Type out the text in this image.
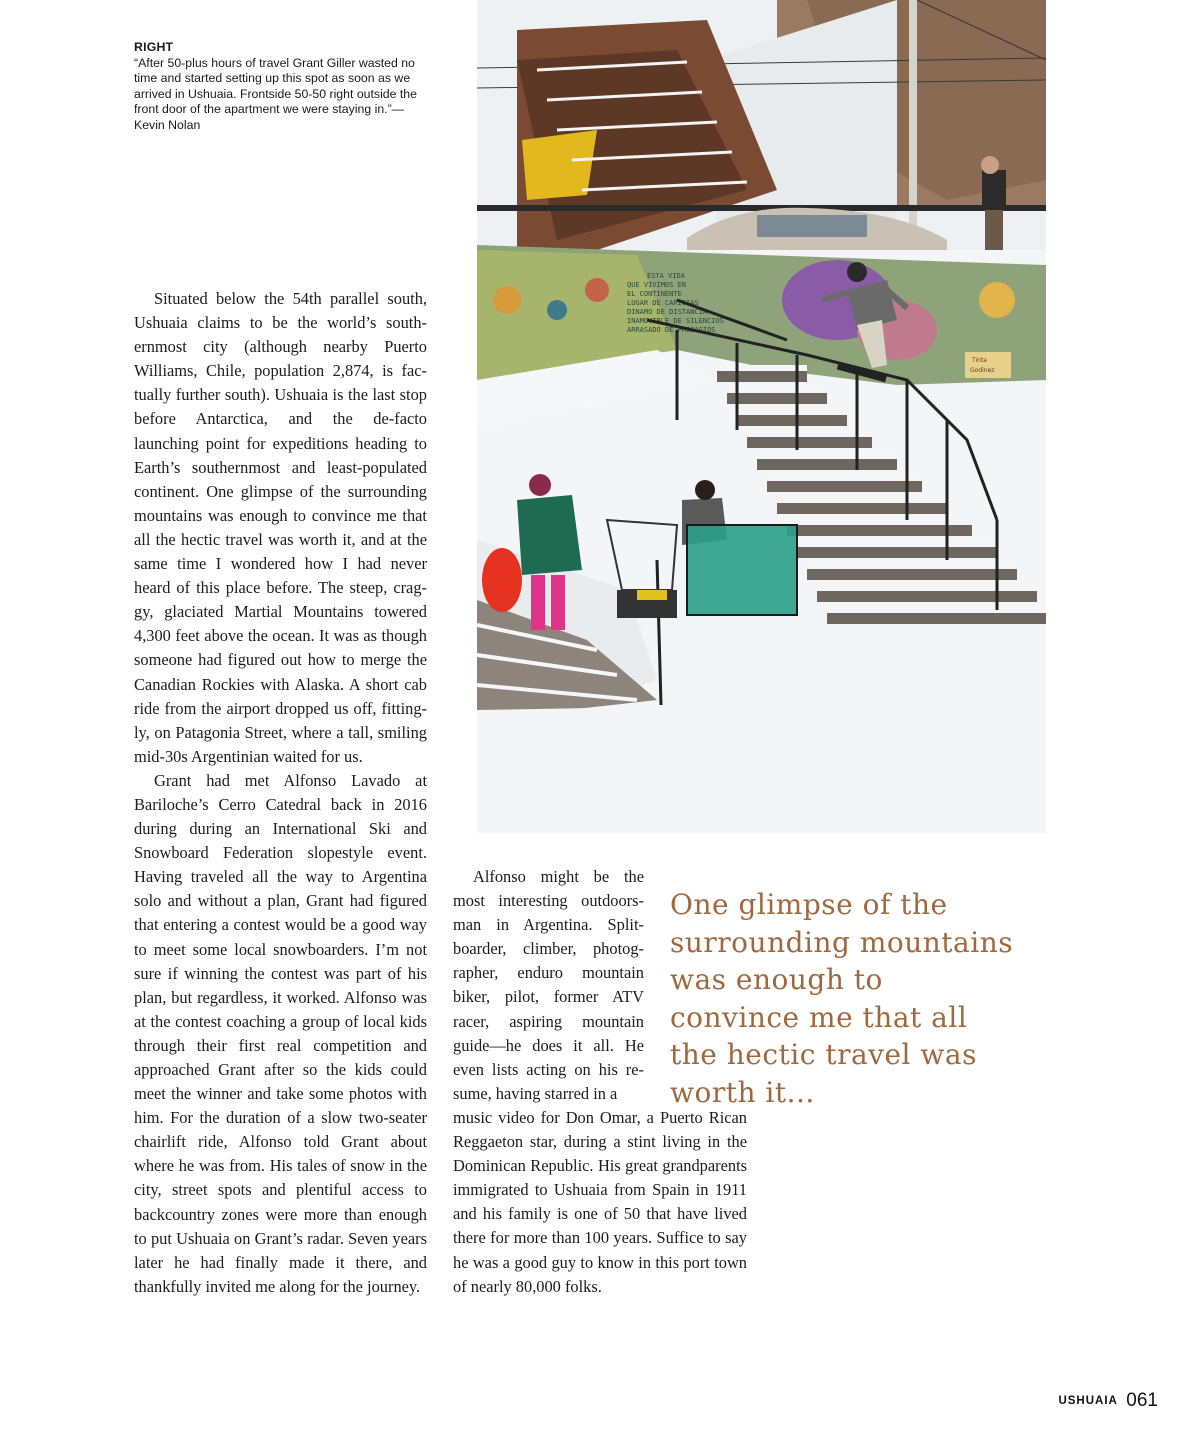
RIGHT
“After 50-plus hours of travel Grant Giller wasted no time and started setting up this spot as soon as we arrived in Ushuaia. Frontside 50-50 right outside the front door of the apartment we were staying in.”—Kevin Nolan
ESTA VIDA QUE VIVIMOS EN EL CONTINENTE LUGAR DE CARICIAS DINAMO DE DISTANCIA INAMOVIBLE DE SILENCIOS ARRASADO DE PRESAGIOS
Tinta Godinez

Situated below the 54th parallel south, Ushuaia claims to be the world’s southernmost city (although nearby Puerto Williams, Chile, population 2,874, is factually further south). Ushuaia is the last stop before Antarctica, and the de-facto launching point for expeditions heading to Earth’s southernmost and least-populated continent. One glimpse of the surrounding mountains was enough to convince me that all the hectic travel was worth it, and at the same time I wondered how I had never heard of this place before. The steep, craggy, glaciated Martial Mountains towered 4,300 feet above the ocean. It was as though someone had figured out how to merge the Canadian Rockies with Alaska. A short cab ride from the airport dropped us off, fittingly, on Patagonia Street, where a tall, smiling mid-30s Argentinian waited for us.

Grant had met Alfonso Lavado at Bariloche’s Cerro Catedral back in 2016 during during an International Ski and Snowboard Federation slopestyle event. Having traveled all the way to Argentina solo and without a plan, Grant had figured that entering a contest would be a good way to meet some local snowboarders. I’m not sure if winning the contest was part of his plan, but regardless, it worked. Alfonso was at the contest coaching a group of local kids through their first real competition and approached Grant after so the kids could meet the winner and take some photos with him. For the duration of a slow two-seater chairlift ride, Alfonso told Grant about where he was from. His tales of snow in the city, street spots and plentiful access to backcountry zones were more than enough to put Ushuaia on Grant’s radar. Seven years later he had finally made it there, and thankfully invited me along for the journey.

Alfonso might be the most interesting outdoorsman in Argentina. Splitboarder, climber, photographer, enduro mountain biker, pilot, former ATV racer, aspiring mountain guide—he does it all. He even lists acting on his resume, having starred in a

music video for Don Omar, a Puerto Rican Reggaeton star, during a stint living in the Dominican Republic. His great grandparents immigrated to Ushuaia from Spain in 1911 and his family is one of 50 that have lived there for more than 100 years. Suffice to say he was a good guy to know in this port town of nearly 80,000 folks.

One glimpse of the surrounding mountains was enough to convince me that all the hectic travel was worth it...
USHUAIA 061
